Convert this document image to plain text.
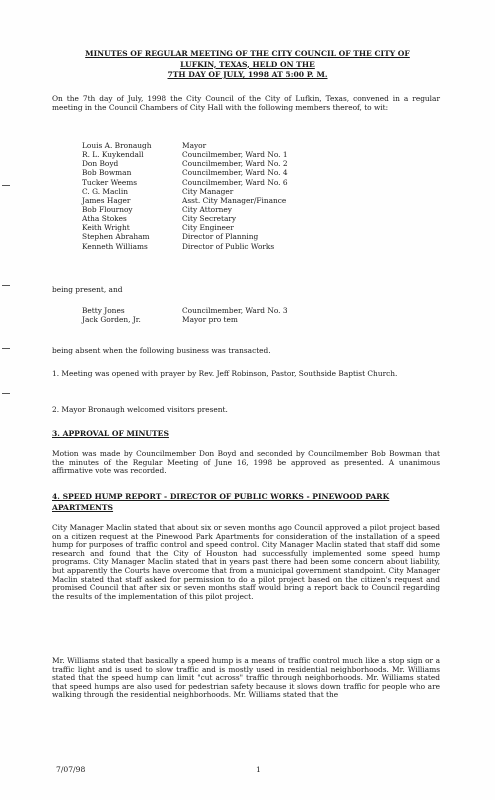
MINUTES OF REGULAR MEETING OF THE CITY COUNCIL OF THE CITY OF
LUFKIN, TEXAS, HELD ON THE
7TH DAY OF JULY, 1998 AT 5:00 P. M.
On the 7th day of July, 1998 the City Council of the City of Lufkin, Texas, convened in a regular meeting in the Council Chambers of City Hall with the following members thereof, to wit:
Louis A. Bronaugh	Mayor
R. L. Kuykendall	Councilmember, Ward No. 1
Don Boyd	Councilmember, Ward No. 2
Bob Bowman	Councilmember, Ward No. 4
Tucker Weems	Councilmember, Ward No. 6
C. G. Maclin	City Manager
James Hager	Asst. City Manager/Finance
Bob Flournoy	City Attorney
Atha Stokes	City Secretary
Keith Wright	City Engineer
Stephen Abraham	Director of Planning
Kenneth Williams	Director of Public Works
being present, and
Betty Jones	Councilmember, Ward No. 3
Jack Gorden, Jr.	Mayor pro tem
being absent when the following business was transacted.
1. Meeting was opened with prayer by Rev. Jeff Robinson, Pastor, Southside Baptist Church.
2. Mayor Bronaugh welcomed visitors present.
3. APPROVAL OF MINUTES
Motion was made by Councilmember Don Boyd and seconded by Councilmember Bob Bowman that the minutes of the Regular Meeting of June 16, 1998 be approved as presented. A unanimous affirmative vote was recorded.
4. SPEED HUMP REPORT - DIRECTOR OF PUBLIC WORKS - PINEWOOD PARK
APARTMENTS
City Manager Maclin stated that about six or seven months ago Council approved a pilot project based on a citizen request at the Pinewood Park Apartments for consideration of the installation of a speed hump for purposes of traffic control and speed control. City Manager Maclin stated that staff did some research and found that the City of Houston had successfully implemented some speed hump programs. City Manager Maclin stated that in years past there had been some concern about liability, but apparently the Courts have overcome that from a municipal government standpoint. City Manager Maclin stated that staff asked for permission to do a pilot project based on the citizen's request and promised Council that after six or seven months staff would bring a report back to Council regarding the results of the implementation of this pilot project.
Mr. Williams stated that basically a speed hump is a means of traffic control much like a stop sign or a traffic light and is used to slow traffic and is mostly used in residential neighborhoods. Mr. Williams stated that the speed hump can limit "cut across" traffic through neighborhoods. Mr. Williams stated that speed humps are also used for pedestrian safety because it slows down traffic for people who are walking through the residential neighborhoods. Mr. Williams stated that the
7/07/98	1
